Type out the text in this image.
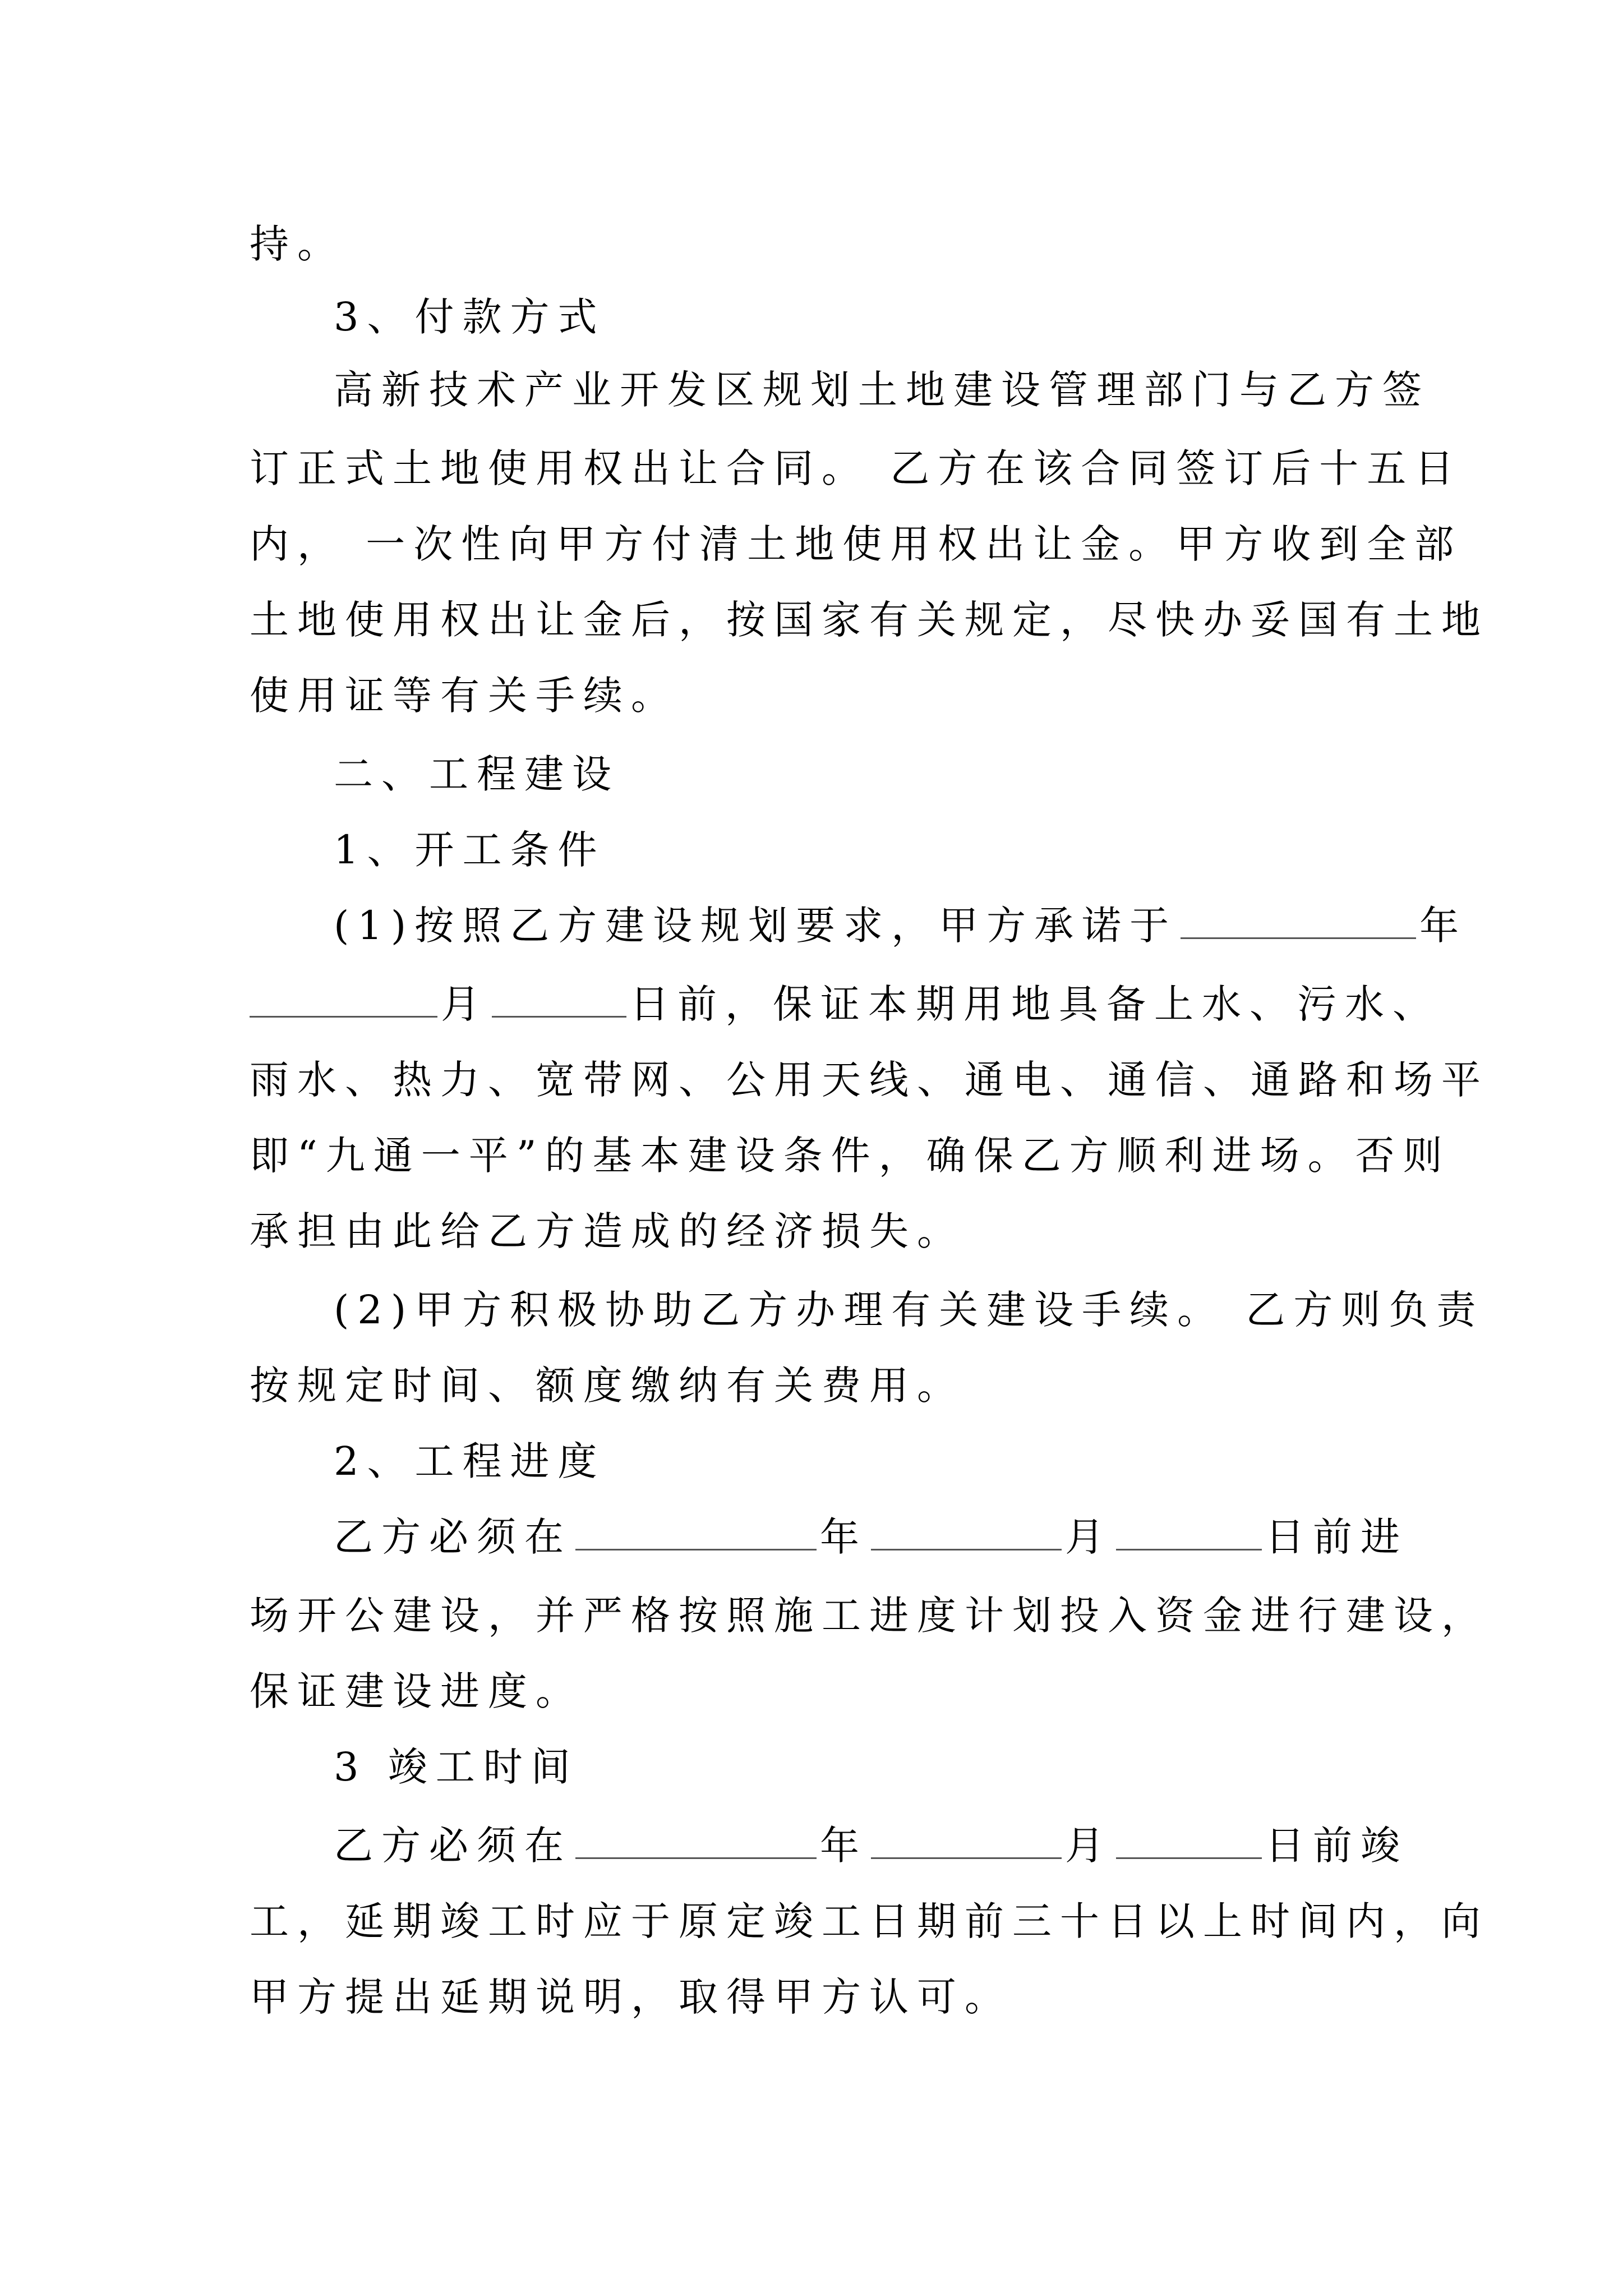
持。
3、付款方式
高新技术产业开发区规划土地建设管理部门与乙方签
订正式土地使用权出让合同。 乙方在该合同签订后十五日
内， 一次性向甲方付清土地使用权出让金。甲方收到全部
土地使用权出让金后，按国家有关规定，尽快办妥国有土地
使用证等有关手续。
二、工程建设
1、开工条件
(1)按照乙方建设规划要求，甲方承诺于	年
月	日前，保证本期用地具备上水、污水、
雨水、热力、宽带网、公用天线、通电、通信、通路和场平
即“九通一平”的基本建设条件，确保乙方顺利进场。否则
承担由此给乙方造成的经济损失。
(2)甲方积极协助乙方办理有关建设手续。 乙方则负责
按规定时间、额度缴纳有关费用。
2、工程进度
乙方必须在	年	月	日前进
场开公建设，并严格按照施工进度计划投入资金进行建设，
保证建设进度。
3 竣工时间
乙方必须在	年	月	日前竣
工，延期竣工时应于原定竣工日期前三十日以上时间内，向
甲方提出延期说明，取得甲方认可。
